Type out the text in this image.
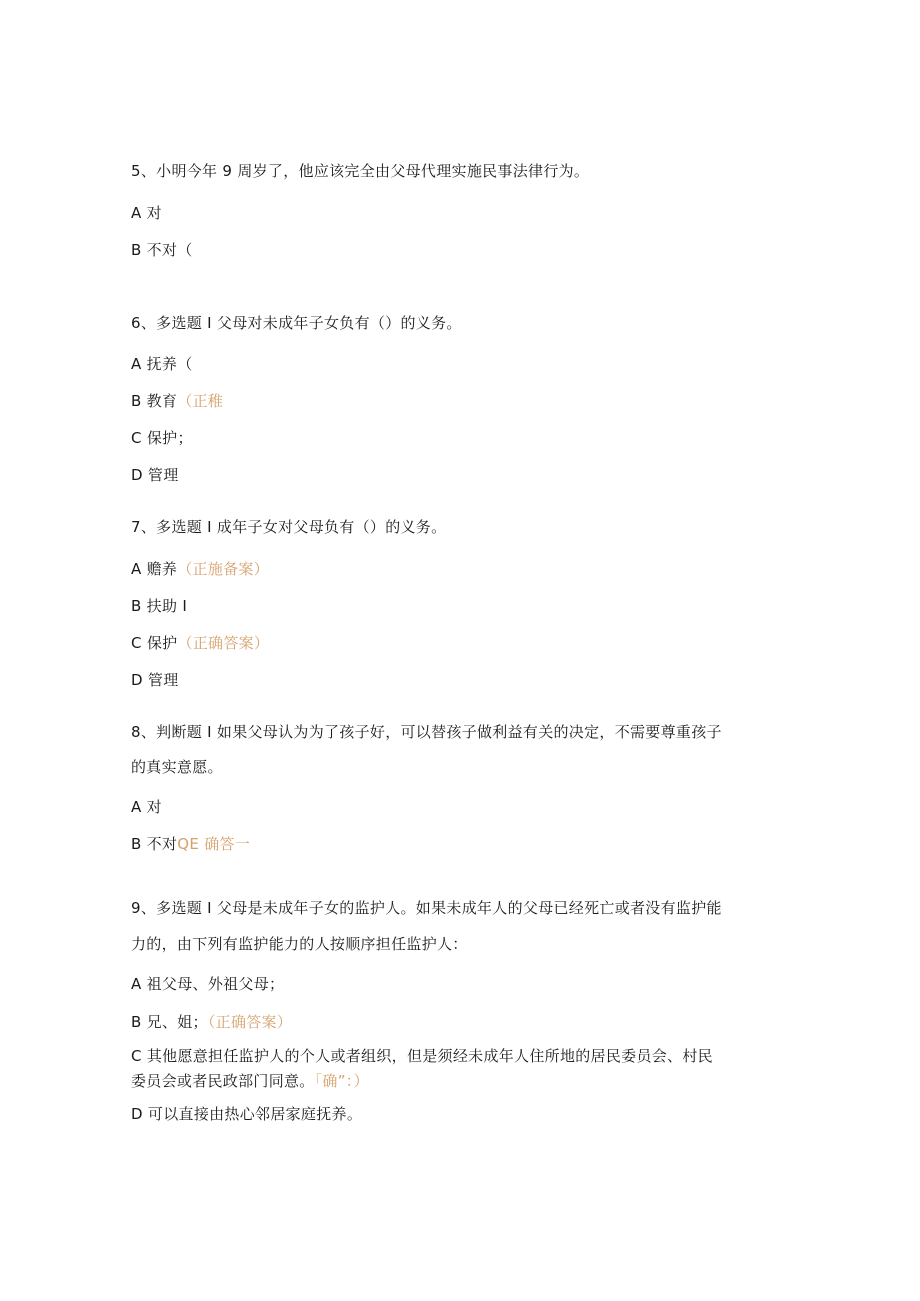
5、小明今年 9 周岁了，他应该完全由父母代理实施民事法律行为。
A 对
B 不对（
6、多选题 I 父母对未成年子女负有（）的义务。
A 抚养（
B 教育（正稚
C 保护；
D 管理
7、多选题 I 成年子女对父母负有（）的义务。
A 赡养（正施备案）
B 扶助 I
C 保护（正确答案）
D 管理
8、判断题 I 如果父母认为为了孩子好，可以替孩子做利益有关的决定，不需要尊重孩子
的真实意愿。
A 对
B 不对QE 确答一
9、多选题 I 父母是未成年子女的监护人。如果未成年人的父母已经死亡或者没有监护能
力的，由下列有监护能力的人按顺序担任监护人：
A 祖父母、外祖父母；
B 兄、姐；（正确答案）
C 其他愿意担任监护人的个人或者组织，但是须经未成年人住所地的居民委员会、村民
委员会或者民政部门同意。「确”：）
D 可以直接由热心邻居家庭抚养。
